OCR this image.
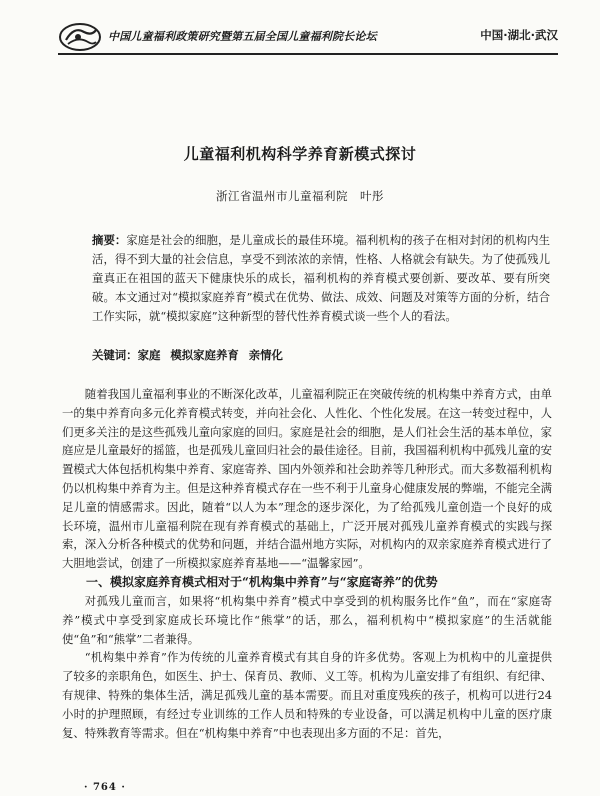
中国儿童福利政策研究暨第五届全国儿童福利院长论坛	中国·湖北·武汉
儿童福利机构科学养育新模式探讨
浙江省温州市儿童福利院　叶彤

摘要：家庭是社会的细胞，是儿童成长的最佳环境。福利机构的孩子在相对封闭的机构内生活，得不到大量的社会信息，享受不到浓浓的亲情，性格、人格就会有缺失。为了使孤残儿童真正在祖国的蓝天下健康快乐的成长，福利机构的养育模式要创新、要改革、要有所突破。本文通过对“模拟家庭养育”模式在优势、做法、成效、问题及对策等方面的分析，结合工作实际，就“模拟家庭”这种新型的替代性养育模式谈一些个人的看法。

关键词：家庭 模拟家庭养育 亲情化

随着我国儿童福利事业的不断深化改革，儿童福利院正在突破传统的机构集中养育方式，由单一的集中养育向多元化养育模式转变，并向社会化、人性化、个性化发展。在这一转变过程中，人们更多关注的是这些孤残儿童向家庭的回归。家庭是社会的细胞，是人们社会生活的基本单位，家庭应是儿童最好的摇篮，也是孤残儿童回归社会的最佳途径。目前，我国福利机构中孤残儿童的安置模式大体包括机构集中养育、家庭寄养、国内外领养和社会助养等几种形式。而大多数福利机构仍以机构集中养育为主。但是这种养育模式存在一些不利于儿童身心健康发展的弊端，不能完全满足儿童的情感需求。因此，随着“以人为本”理念的逐步深化，为了给孤残儿童创造一个良好的成长环境，温州市儿童福利院在现有养育模式的基础上，广泛开展对孤残儿童养育模式的实践与探索，深入分析各种模式的优势和问题，并结合温州地方实际，对机构内的双亲家庭养育模式进行了大胆地尝试，创建了一所模拟家庭养育基地——“温馨家园”。

一、模拟家庭养育模式相对于“机构集中养育”与“家庭寄养”的优势

对孤残儿童而言，如果将“机构集中养育”模式中享受到的机构服务比作“鱼”，而在“家庭寄养”模式中享受到家庭成长环境比作“熊掌”的话，那么，福利机构中“模拟家庭”的生活就能使“鱼”和“熊掌”二者兼得。

“机构集中养育”作为传统的儿童养育模式有其自身的许多优势。客观上为机构中的儿童提供了较多的亲职角色，如医生、护士、保育员、教师、义工等。机构为儿童安排了有组织、有纪律、有规律、特殊的集体生活，满足孤残儿童的基本需要。而且对重度残疾的孩子，机构可以进行24小时的护理照顾，有经过专业训练的工作人员和特殊的专业设备，可以满足机构中儿童的医疗康复、特殊教育等需求。但在“机构集中养育”中也表现出多方面的不足：首先，

· 764 ·
